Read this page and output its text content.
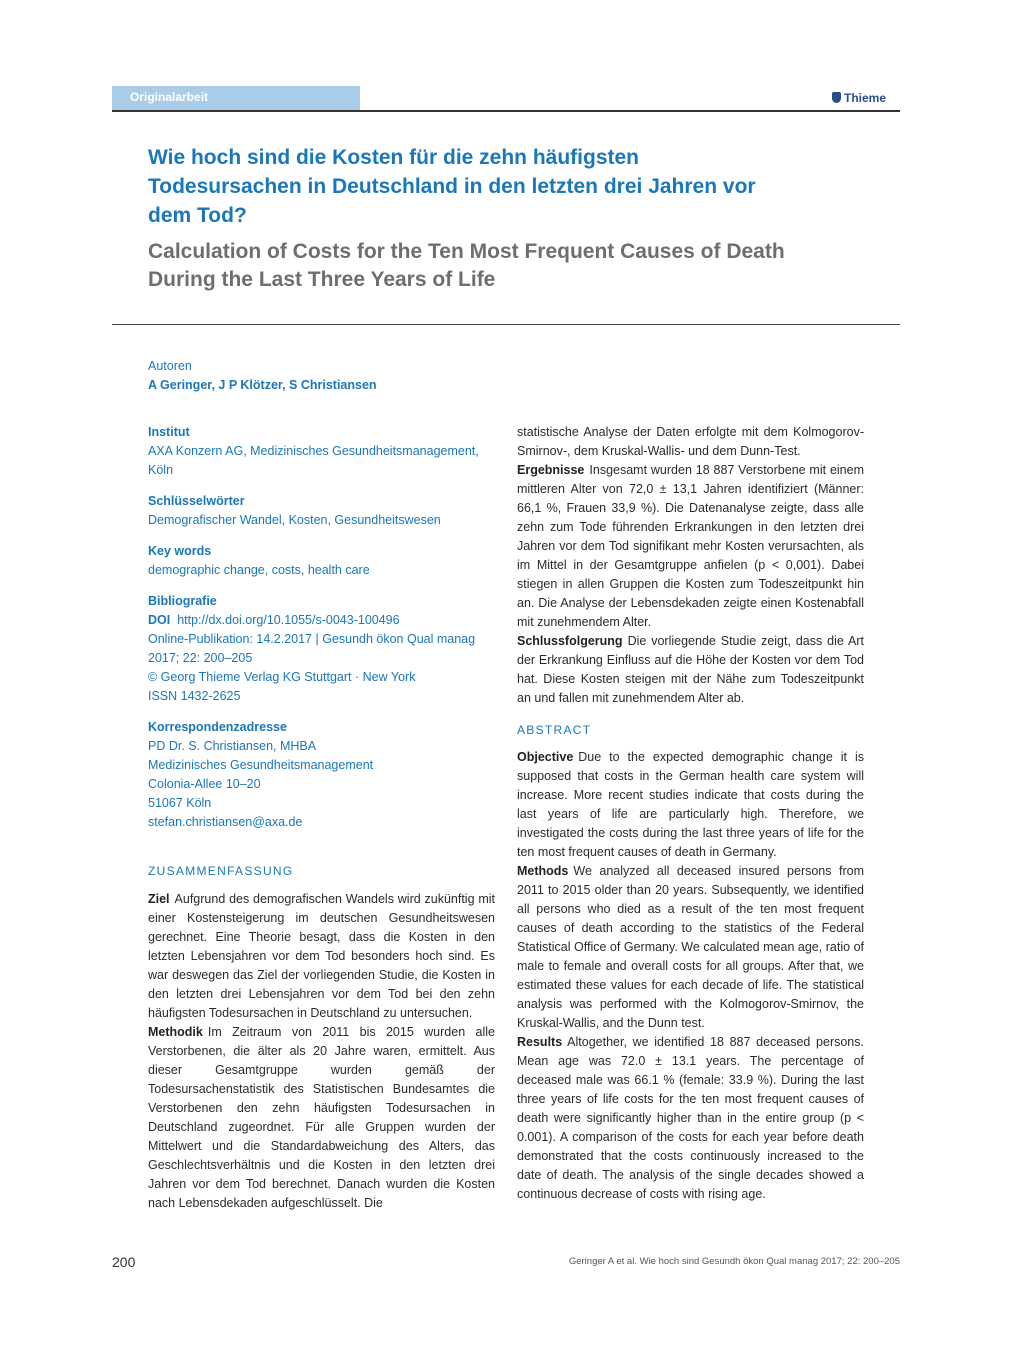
Originalarbeit	Thieme
Wie hoch sind die Kosten für die zehn häufigsten Todesursachen in Deutschland in den letzten drei Jahren vor dem Tod?
Calculation of Costs for the Ten Most Frequent Causes of Death During the Last Three Years of Life
Autoren
A Geringer, J P Klötzer, S Christiansen
Institut
AXA Konzern AG, Medizinisches Gesundheitsmanagement, Köln
Schlüsselwörter
Demografischer Wandel, Kosten, Gesundheitswesen
Key words
demographic change, costs, health care
Bibliografie
DOI http://dx.doi.org/10.1055/s-0043-100496
Online-Publikation: 14.2.2017 | Gesundh ökon Qual manag 2017; 22: 200–205
© Georg Thieme Verlag KG Stuttgart · New York
ISSN 1432-2625
Korrespondenzadresse
PD Dr. S. Christiansen, MHBA
Medizinisches Gesundheitsmanagement
Colonia-Allee 10–20
51067 Köln
stefan.christiansen@axa.de
ZUSAMMENFASSUNG
Ziel Aufgrund des demografischen Wandels wird zukünftig mit einer Kostensteigerung im deutschen Gesundheitswesen gerechnet. Eine Theorie besagt, dass die Kosten in den letzten Lebensjahren vor dem Tod besonders hoch sind. Es war deswegen das Ziel der vorliegenden Studie, die Kosten in den letzten drei Lebensjahren vor dem Tod bei den zehn häufigsten Todesursachen in Deutschland zu untersuchen.
Methodik Im Zeitraum von 2011 bis 2015 wurden alle Verstorbenen, die älter als 20 Jahre waren, ermittelt. Aus dieser Gesamtgruppe wurden gemäß der Todesursachenstatistik des Statistischen Bundesamtes die Verstorbenen den zehn häufigsten Todesursachen in Deutschland zugeordnet. Für alle Gruppen wurden der Mittelwert und die Standardabweichung des Alters, das Geschlechtsverhältnis und die Kosten in den letzten drei Jahren vor dem Tod berechnet. Danach wurden die Kosten nach Lebensdekaden aufgeschlüsselt. Die
statistische Analyse der Daten erfolgte mit dem Kolmogorov-Smirnov-, dem Kruskal-Wallis- und dem Dunn-Test.
Ergebnisse Insgesamt wurden 18 887 Verstorbene mit einem mittleren Alter von 72,0 ± 13,1 Jahren identifiziert (Männer: 66,1 %, Frauen 33,9 %). Die Datenanalyse zeigte, dass alle zehn zum Tode führenden Erkrankungen in den letzten drei Jahren vor dem Tod signifikant mehr Kosten verursachten, als im Mittel in der Gesamtgruppe anfielen (p < 0,001). Dabei stiegen in allen Gruppen die Kosten zum Todeszeitpunkt hin an. Die Analyse der Lebensdekaden zeigte einen Kostenabfall mit zunehmendem Alter.
Schlussfolgerung Die vorliegende Studie zeigt, dass die Art der Erkrankung Einfluss auf die Höhe der Kosten vor dem Tod hat. Diese Kosten steigen mit der Nähe zum Todeszeitpunkt an und fallen mit zunehmendem Alter ab.
ABSTRACT
Objective Due to the expected demographic change it is supposed that costs in the German health care system will increase. More recent studies indicate that costs during the last years of life are particularly high. Therefore, we investigated the costs during the last three years of life for the ten most frequent causes of death in Germany.
Methods We analyzed all deceased insured persons from 2011 to 2015 older than 20 years. Subsequently, we identified all persons who died as a result of the ten most frequent causes of death according to the statistics of the Federal Statistical Office of Germany. We calculated mean age, ratio of male to female and overall costs for all groups. After that, we estimated these values for each decade of life. The statistical analysis was performed with the Kolmogorov-Smirnov, the Kruskal-Wallis, and the Dunn test.
Results Altogether, we identified 18 887 deceased persons. Mean age was 72.0 ± 13.1 years. The percentage of deceased male was 66.1 % (female: 33.9 %). During the last three years of life costs for the ten most frequent causes of death were significantly higher than in the entire group (p < 0.001). A comparison of the costs for each year before death demonstrated that the costs continuously increased to the date of death. The analysis of the single decades showed a continuous decrease of costs with rising age.
200	Geringer A et al. Wie hoch sind Gesundh ökon Qual manag 2017; 22: 200–205
